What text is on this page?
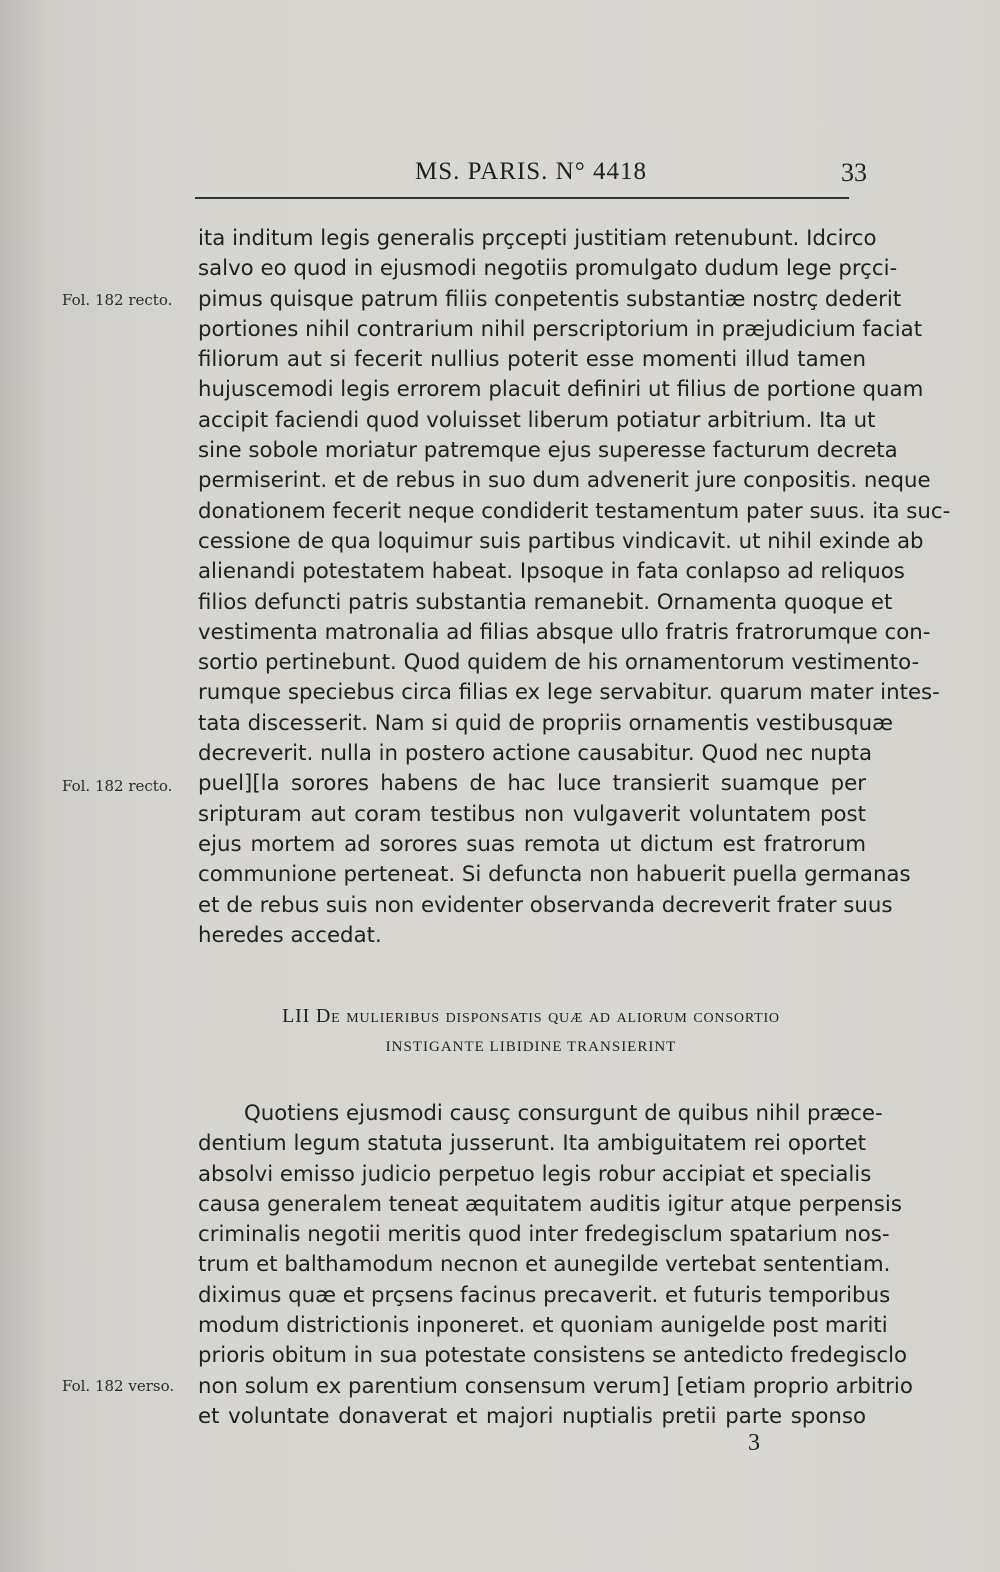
MS. PARIS. N° 4418	33
Fol. 182 recto.
Fol. 182 recto.
Fol. 182 verso.
ita inditum legis generalis prçcepti justitiam retenubunt. Idcirco
salvo eo quod in ejusmodi negotiis promulgato dudum lege prçci-
pimus quisque patrum filiis conpetentis substantiæ nostrç dederit
portiones nihil contrarium nihil perscriptorium in præjudicium faciat
filiorum aut si fecerit nullius poterit esse momenti illud tamen
hujuscemodi legis errorem placuit definiri ut filius de portione quam
accipit faciendi quod voluisset liberum potiatur arbitrium. Ita ut
sine sobole moriatur patremque ejus superesse facturum decreta
permiserint. et de rebus in suo dum advenerit jure conpositis. neque
donationem fecerit neque condiderit testamentum pater suus. ita suc-
cessione de qua loquimur suis partibus vindicavit. ut nihil exinde ab
alienandi potestatem habeat. Ipsoque in fata conlapso ad reliquos
filios defuncti patris substantia remanebit. Ornamenta quoque et
vestimenta matronalia ad filias absque ullo fratris fratrorumque con-
sortio pertinebunt. Quod quidem de his ornamentorum vestimento-
rumque speciebus circa filias ex lege servabitur. quarum mater intes-
tata discesserit. Nam si quid de propriis ornamentis vestibusquæ
decreverit. nulla in postero actione causabitur. Quod nec nupta
puel][la sorores habens de hac luce transierit suamque per
sripturam aut coram testibus non vulgaverit voluntatem post
ejus mortem ad sorores suas remota ut dictum est fratrorum
communione perteneat. Si defuncta non habuerit puella germanas
et de rebus suis non evidenter observanda decreverit frater suus
heredes accedat.
LII De mulieribus disponsatis quæ ad aliorum consortio
INSTIGANTE LIBIDINE TRANSIERINT
Quotiens ejusmodi causç consurgunt de quibus nihil præce-
dentium legum statuta jusserunt. Ita ambiguitatem rei oportet
absolvi emisso judicio perpetuo legis robur accipiat et specialis
causa generalem teneat æquitatem auditis igitur atque perpensis
criminalis negotii meritis quod inter fredegisclum spatarium nos-
trum et balthamodum necnon et aunegilde vertebat sententiam.
diximus quæ et prçsens facinus precaverit. et futuris temporibus
modum districtionis inponeret. et quoniam aunigelde post mariti
prioris obitum in sua potestate consistens se antedicto fredegisclo
non solum ex parentium consensum verum] [etiam proprio arbitrio
et voluntate donaverat et majori nuptialis pretii parte sponso
3
